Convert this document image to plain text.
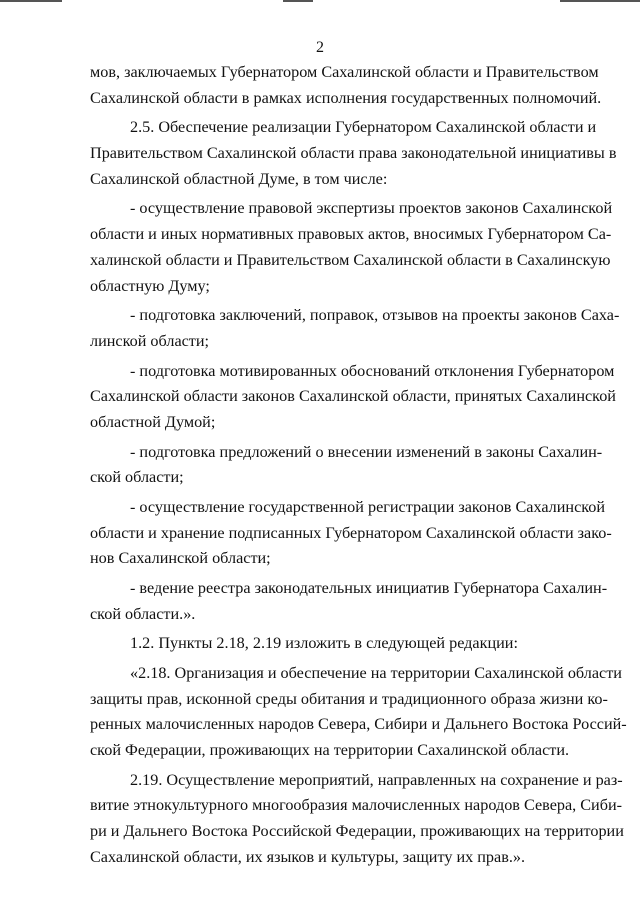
2
мов, заключаемых Губернатором Сахалинской области и Правительством
Сахалинской области в рамках исполнения государственных полномочий.
2.5. Обеспечение реализации Губернатором Сахалинской области и
Правительством Сахалинской области права законодательной инициативы в
Сахалинской областной Думе, в том числе:
- осуществление правовой экспертизы проектов законов Сахалинской
области и иных нормативных правовых актов, вносимых Губернатором Са-
халинской области и Правительством Сахалинской области в Сахалинскую
областную Думу;
- подготовка заключений, поправок, отзывов на проекты законов Саха-
линской области;
- подготовка мотивированных обоснований отклонения Губернатором
Сахалинской области законов Сахалинской области, принятых Сахалинской
областной Думой;
- подготовка предложений о внесении изменений в законы Сахалин-
ской области;
- осуществление государственной регистрации законов Сахалинской
области и хранение подписанных Губернатором Сахалинской области зако-
нов Сахалинской области;
- ведение реестра законодательных инициатив Губернатора Сахалин-
ской области.».
1.2. Пункты 2.18, 2.19 изложить в следующей редакции:
«2.18. Организация и обеспечение на территории Сахалинской области
защиты прав, исконной среды обитания и традиционного образа жизни ко-
ренных малочисленных народов Севера, Сибири и Дальнего Востока Россий-
ской Федерации, проживающих на территории Сахалинской области.
2.19. Осуществление мероприятий, направленных на сохранение и раз-
витие этнокультурного многообразия малочисленных народов Севера, Сиби-
ри и Дальнего Востока Российской Федерации, проживающих на территории
Сахалинской области, их языков и культуры, защиту их прав.».
